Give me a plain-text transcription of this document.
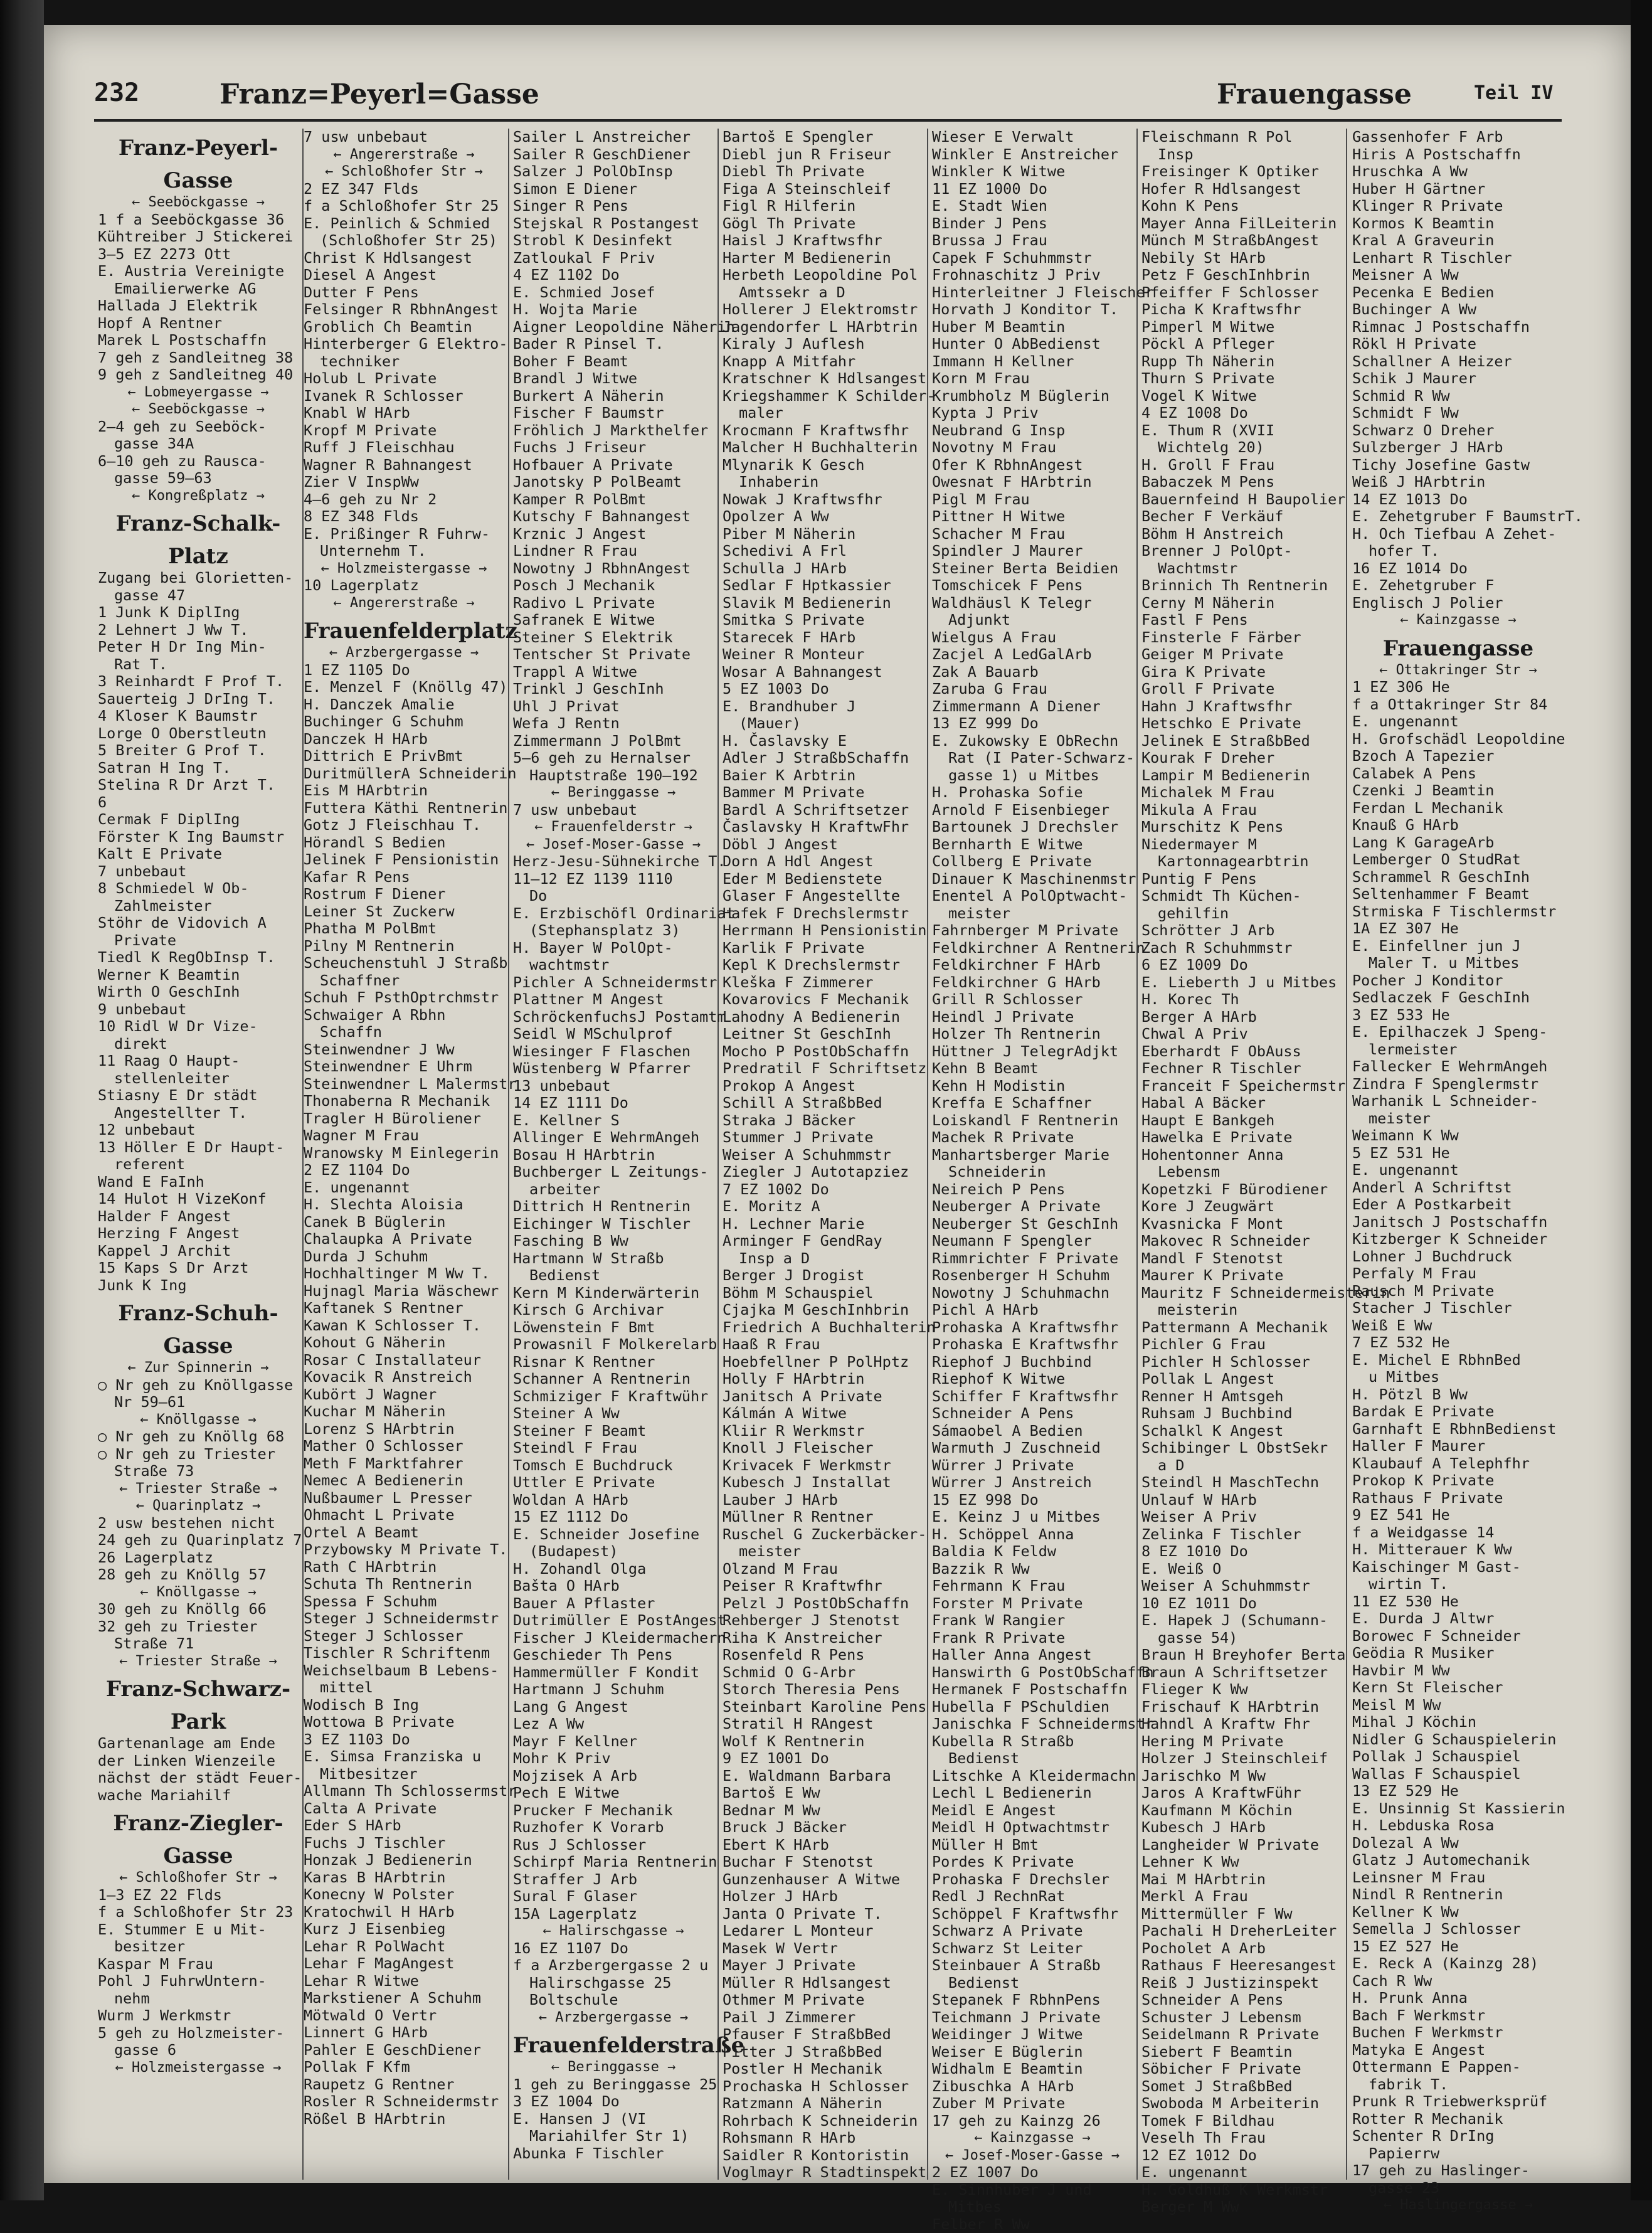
232	Franz=Peyerl=Gasse	Frauengasse	Teil IV
Franz-Peyerl-
Gasse
← Seeböckgasse →
1 f a Seeböckgasse 36
Kühtreiber J Stickerei
3—5 EZ 2273 Ott
E. Austria Vereinigte
Emailierwerke AG
Hallada J Elektrik
Hopf A Rentner
Marek L Postschaffn
7 geh z Sandleitneg 38
9 geh z Sandleitneg 40
← Lobmeyergasse →
← Seeböckgasse →
2—4 geh zu Seeböck-
gasse 34A
6—10 geh zu Rausca-
gasse 59—63
← Kongreßplatz →
Franz-Schalk-
Platz
Zugang bei Glorietten-
gasse 47
1 Junk K DiplIng
2 Lehnert J Ww T.
Peter H Dr Ing Min-
Rat T.
3 Reinhardt F Prof T.
Sauerteig J DrIng T.
4 Kloser K Baumstr
Lorge O Oberstleutn
5 Breiter G Prof T.
Satran H Ing T.
Stelina R Dr Arzt T.
6
Cermak F DiplIng
Förster K Ing Baumstr
Kalt E Private
7 unbebaut
8 Schmiedel W Ob-
Zahlmeister
Stöhr de Vidovich A
Private
Tiedl K RegObInsp T.
Werner K Beamtin
Wirth O GeschInh
9 unbebaut
10 Ridl W Dr Vize-
direkt
11 Raag O Haupt-
stellenleiter
Stiasny E Dr städt
Angestellter T.
12 unbebaut
13 Höller E Dr Haupt-
referent
Wand E FaInh
14 Hulot H VizeKonf
Halder F Angest
Herzing F Angest
Kappel J Archit
15 Kaps S Dr Arzt
Junk K Ing
Franz-Schuh-
Gasse
← Zur Spinnerin →
○ Nr geh zu Knöllgasse
Nr 59—61
← Knöllgasse →
○ Nr geh zu Knöllg 68
○ Nr geh zu Triester
Straße 73
← Triester Straße →
← Quarinplatz →
2 usw bestehen nicht
24 geh zu Quarinplatz 7
26 Lagerplatz
28 geh zu Knöllg 57
← Knöllgasse →
30 geh zu Knöllg 66
32 geh zu Triester
Straße 71
← Triester Straße →
Franz-Schwarz-
Park
Gartenanlage am Ende
der Linken Wienzeile
nächst der städt Feuer-
wache Mariahilf
Franz-Ziegler-
Gasse
← Schloßhofer Str →
1—3 EZ 22 Flds
f a Schloßhofer Str 23
E. Stummer E u Mit-
besitzer
Kaspar M Frau
Pohl J FuhrwUntern-
nehm
Wurm J Werkmstr
5 geh zu Holzmeister-
gasse 6
← Holzmeistergasse →
7 usw unbebaut
← Angererstraße →
← Schloßhofer Str →
2 EZ 347 Flds
f a Schloßhofer Str 25
E. Peinlich & Schmied
(Schloßhofer Str 25)
Christ K Hdlsangest
Diesel A Angest
Dutter F Pens
Felsinger R RbhnAngest
Groblich Ch Beamtin
Hinterberger G Elektro-
techniker
Holub L Private
Ivanek R Schlosser
Knabl W HArb
Kropf M Private
Ruff J Fleischhau
Wagner R Bahnangest
Zier V InspWw
4—6 geh zu Nr 2
8 EZ 348 Flds
E. Prißinger R Fuhrw-
Unternehm T.
← Holzmeistergasse →
10 Lagerplatz
← Angererstraße →
Frauenfelderplatz
← Arzbergergasse →
1 EZ 1105 Do
E. Menzel F (Knöllg 47)
H. Danczek Amalie
Buchinger G Schuhm
Danczek H HArb
Dittrich E PrivBmt
DuritmüllerA Schneiderin
Eis M HArbtrin
Futtera Käthi Rentnerin
Gotz J Fleischhau T.
Hörandl S Bedien
Jelinek F Pensionistin
Kafar R Pens
Rostrum F Diener
Leiner St Zuckerw
Phatha M PolBmt
Pilny M Rentnerin
Scheuchenstuhl J Straßb
Schaffner
Schuh F PsthOptrchmstr
Schwaiger A Rbhn
Schaffn
Steinwendner J Ww
Steinwendner E Uhrm
Steinwendner L Malermstr
Thonaberna R Mechanik
Tragler H Büroliener
Wagner M Frau
Wranowsky M Einlegerin
2 EZ 1104 Do
E. ungenannt
H. Slechta Aloisia
Canek B Büglerin
Chalaupka A Private
Durda J Schuhm
Hochhaltinger M Ww T.
Hujnagl Maria Wäschewr
Kaftanek S Rentner
Kawan K Schlosser T.
Kohout G Näherin
Rosar C Installateur
Kovacik R Anstreich
Kubört J Wagner
Kuchar M Näherin
Lorenz S HArbtrin
Mather O Schlosser
Meth F Marktfahrer
Nemec A Bedienerin
Nußbaumer L Presser
Ohmacht L Private
Ortel A Beamt
Przybowsky M Private T.
Rath C HArbtrin
Schuta Th Rentnerin
Spessa F Schuhm
Steger J Schneidermstr
Steger J Schlosser
Tischler R Schriftenm
Weichselbaum B Lebens-
mittel
Wodisch B Ing
Wottowa B Private
3 EZ 1103 Do
E. Simsa Franziska u
Mitbesitzer
Allmann Th Schlossermstr
Calta A Private
Eder S HArb
Fuchs J Tischler
Honzak J Bedienerin
Karas B HArbtrin
Konecny W Polster
Kratochwil H HArb
Kurz J Eisenbieg
Lehar R PolWacht
Lehar F MagAngest
Lehar R Witwe
Markstiener A Schuhm
Mötwald O Vertr
Linnert G HArb
Pahler E GeschDiener
Pollak F Kfm
Raupetz G Rentner
Rosler R Schneidermstr
Rößel B HArbtrin
Sailer L Anstreicher
Sailer R GeschDiener
Salzer J PolObInsp
Simon E Diener
Singer R Pens
Stejskal R Postangest
Strobl K Desinfekt
Zatloukal F Priv
4 EZ 1102 Do
E. Schmied Josef
H. Wojta Marie
Aigner Leopoldine Näherin
Bader R Pinsel T.
Boher F Beamt
Brandl J Witwe
Burkert A Näherin
Fischer F Baumstr
Fröhlich J Markthelfer
Fuchs J Friseur
Hofbauer A Private
Janotsky P PolBeamt
Kamper R PolBmt
Kutschy F Bahnangest
Krznic J Angest
Lindner R Frau
Nowotny J RbhnAngest
Posch J Mechanik
Radivo L Private
Safranek E Witwe
Steiner S Elektrik
Tentscher St Private
Trappl A Witwe
Trinkl J GeschInh
Uhl J Privat
Wefa J Rentn
Zimmermann J PolBmt
5—6 geh zu Hernalser
Hauptstraße 190—192
← Beringgasse →
7 usw unbebaut
← Frauenfelderstr →
← Josef-Moser-Gasse →
Herz-Jesu-Sühnekirche T.
11—12 EZ 1139 1110
Do
E. Erzbischöfl Ordinariat
(Stephansplatz 3)
H. Bayer W PolOpt-
wachtmstr
Pichler A Schneidermstr
Plattner M Angest
SchröckenfuchsJ Postamtm
Seidl W MSchulprof
Wiesinger F Flaschen
Wüstenberg W Pfarrer
13 unbebaut
14 EZ 1111 Do
E. Kellner S
Allinger E WehrmAngeh
Bosau H HArbtrin
Buchberger L Zeitungs-
arbeiter
Dittrich H Rentnerin
Eichinger W Tischler
Fasching B Ww
Hartmann W Straßb
Bedienst
Kern M Kinderwärterin
Kirsch G Archivar
Löwenstein F Bmt
Prowasnil F Molkerelarb
Risnar K Rentner
Schanner A Rentnerin
Schmiziger F Kraftwühr
Steiner A Ww
Steiner F Beamt
Steindl F Frau
Tomsch E Buchdruck
Uttler E Private
Woldan A HArb
15 EZ 1112 Do
E. Schneider Josefine
(Budapest)
H. Zohandl Olga
Bašta O HArb
Bauer A Pflaster
Dutrimüller E PostAngest
Fischer J Kleidermachern
Geschieder Th Pens
Hammermüller F Kondit
Hartmann J Schuhm
Lang G Angest
Lez A Ww
Mayr F Kellner
Mohr K Priv
Mojzisek A Arb
Pech E Witwe
Prucker F Mechanik
Ruzhofer K Vorarb
Rus J Schlosser
Schirpf Maria Rentnerin
Straffer J Arb
Sural F Glaser
15A Lagerplatz
← Halirschgasse →
16 EZ 1107 Do
f a Arzbergergasse 2 u
Halirschgasse 25
Boltschule
← Arzbergergasse →
Frauenfelderstraße
← Beringgasse →
1 geh zu Beringgasse 25
3 EZ 1004 Do
E. Hansen J (VI
Mariahilfer Str 1)
Abunka F Tischler
Bartoš E Spengler
Diebl jun R Friseur
Diebl Th Private
Figa A Steinschleif
Figl R Hilferin
Gögl Th Private
Haisl J Kraftwsfhr
Harter M Bedienerin
Herbeth Leopoldine Pol
Amtssekr a D
Hollerer J Elektromstr
Jagendorfer L HArbtrin
Kiraly J Auflesh
Knapp A Mitfahr
Kratschner K Hdlsangest
Kriegshammer K Schilder-
maler
Krocmann F Kraftwsfhr
Malcher H Buchhalterin
Mlynarik K Gesch
Inhaberin
Nowak J Kraftwsfhr
Opolzer A Ww
Piber M Näherin
Schedivi A Frl
Schulla J HArb
Sedlar F Hptkassier
Slavik M Bedienerin
Smitka S Private
Starecek F HArb
Weiner R Monteur
Wosar A Bahnangest
5 EZ 1003 Do
E. Brandhuber J
(Mauer)
H. Časlavsky E
Adler J StraßbSchaffn
Baier K Arbtrin
Bammer M Private
Bardl A Schriftsetzer
Časlavsky H KraftwFhr
Döbl J Angest
Dorn A Hdl Angest
Eder M Bedienstete
Glaser F Angestellte
Hafek F Drechslermstr
Herrmann H Pensionistin
Karlik F Private
Kepl K Drechslermstr
Kleška F Zimmerer
Kovarovics F Mechanik
Lahodny A Bedienerin
Leitner St GeschInh
Mocho P PostObSchaffn
Predratil F Schriftsetz
Prokop A Angest
Schill A StraßbBed
Straka J Bäcker
Stummer J Private
Weiser A Schuhmmstr
Ziegler J Autotapziez
7 EZ 1002 Do
E. Moritz A
H. Lechner Marie
Arminger F GendRay
Insp a D
Berger J Drogist
Böhm M Schauspiel
Cjajka M GeschInhbrin
Friedrich A Buchhalterin
Haaß R Frau
Hoebfellner P PolHptz
Holly F HArbtrin
Janitsch A Private
Kálmán A Witwe
Kliir R Werkmstr
Knoll J Fleischer
Krivacek F Werkmstr
Kubesch J Installat
Lauber J HArb
Müllner R Rentner
Ruschel G Zuckerbäcker-
meister
Olzand M Frau
Peiser R Kraftwfhr
Pelzl J PostObSchaffn
Rehberger J Stenotst
Riha K Anstreicher
Rosenfeld R Pens
Schmid O G-Arbr
Storch Theresia Pens
Steinbart Karoline Pens
Stratil H RAngest
Wolf K Rentnerin
9 EZ 1001 Do
E. Waldmann Barbara
Bartoš E Ww
Bednar M Ww
Bruck J Bäcker
Ebert K HArb
Buchar F Stenotst
Gunzenhauser A Witwe
Holzer J HArb
Janta O Private T.
Ledarer L Monteur
Masek W Vertr
Mayer J Private
Müller R Hdlsangest
Othmer M Private
Pail J Zimmerer
Pfauser F StraßbBed
Pitter J StraßbBed
Postler H Mechanik
Prochaska H Schlosser
Ratzmann A Näherin
Rohrbach K Schneiderin
Rohsmann R HArb
Saidler R Kontoristin
Voglmayr R Stadtinspekt
Wieser E Verwalt
Winkler E Anstreicher
Winkler K Witwe
11 EZ 1000 Do
E. Stadt Wien
Binder J Pens
Brussa J Frau
Capek F Schuhmmstr
Frohnaschitz J Priv
Hinterleitner J Fleischer
Horvath J Konditor T.
Huber M Beamtin
Hunter O AbBedienst
Immann H Kellner
Korn M Frau
Krumbholz M Büglerin
Kypta J Priv
Neubrand G Insp
Novotny M Frau
Ofer K RbhnAngest
Owesnat F HArbtrin
Pigl M Frau
Pittner H Witwe
Schacher M Frau
Spindler J Maurer
Steiner Berta Beidien
Tomschicek F Pens
Waldhäusl K Telegr
Adjunkt
Wielgus A Frau
Zacjel A LedGalArb
Zak A Bauarb
Zaruba G Frau
Zimmermann A Diener
13 EZ 999 Do
E. Zukowsky E ObRechn
Rat (I Pater-Schwarz-
gasse 1) u Mitbes
H. Prohaska Sofie
Arnold F Eisenbieger
Bartounek J Drechsler
Bernharth E Witwe
Collberg E Private
Dinauer K Maschinenmstr
Enentel A PolOptwacht-
meister
Fahrnberger M Private
Feldkirchner A Rentnerin
Feldkirchner F HArb
Feldkirchner G HArb
Grill R Schlosser
Heindl J Private
Holzer Th Rentnerin
Hüttner J TelegrAdjkt
Kehn B Beamt
Kehn H Modistin
Kreffa E Schaffner
Loiskandl F Rentnerin
Machek R Private
Manhartsberger Marie
Schneiderin
Neireich P Pens
Neuberger A Private
Neuberger St GeschInh
Neumann F Spengler
Rimmrichter F Private
Rosenberger H Schuhm
Nowotny J Schuhmachn
Pichl A HArb
Prohaska A Kraftwsfhr
Prohaska E Kraftwsfhr
Riephof J Buchbind
Riephof K Witwe
Schiffer F Kraftwsfhr
Schneider A Pens
Sámaobel A Bedien
Warmuth J Zuschneid
Würrer J Private
Würrer J Anstreich
15 EZ 998 Do
E. Keinz J u Mitbes
H. Schöppel Anna
Baldia K Feldw
Bazzik R Ww
Fehrmann K Frau
Forster M Private
Frank W Rangier
Frank R Private
Haller Anna Angest
Hanswirth G PostObSchaffn
Hermanek F Postschaffn
Hubella F PSchuldien
Janischka F Schneidermstr
Kubella R Straßb
Bedienst
Litschke A Kleidermachn
Lechl L Bedienerin
Meidl E Angest
Meidl H Optwachtmstr
Müller H Bmt
Pordes K Private
Prohaska F Drechsler
Redl J RechnRat
Schöppel F Kraftwsfhr
Schwarz A Private
Schwarz St Leiter
Steinbauer A Straßb
Bedienst
Stepanek F RbhnPens
Teichmann J Private
Weidinger J Witwe
Weiser E Büglerin
Widhalm E Beamtin
Zibuschka A HArb
Zuber M Private
17 geh zu Kainzg 26
← Kainzgasse →
← Josef-Moser-Gasse →
2 EZ 1007 Do
E. Sinnhuber J und
Mitbes
Felber R Ww
Fleischmann R Pol
Insp
Freisinger K Optiker
Hofer R Hdlsangest
Kohn K Pens
Mayer Anna FilLeiterin
Münch M StraßbAngest
Nebily St HArb
Petz F GeschInhbrin
Pfeiffer F Schlosser
Picha K Kraftwsfhr
Pimperl M Witwe
Pöckl A Pfleger
Rupp Th Näherin
Thurn S Private
Vogel K Witwe
4 EZ 1008 Do
E. Thum R (XVII
Wichtelg 20)
H. Groll F Frau
Babaczek M Pens
Bauernfeind H Baupolier
Becher F Verkäuf
Böhm H Anstreich
Brenner J PolOpt-
Wachtmstr
Brinnich Th Rentnerin
Cerny M Näherin
Fastl F Pens
Finsterle F Färber
Geiger M Private
Gira K Private
Groll F Private
Hahn J Kraftwsfhr
Hetschko E Private
Jelinek E StraßbBed
Kourak F Dreher
Lampir M Bedienerin
Michalek M Frau
Mikula A Frau
Murschitz K Pens
Niedermayer M
Kartonnagearbtrin
Puntig F Pens
Schmidt Th Küchen-
gehilfin
Schrötter J Arb
Zach R Schuhmmstr
6 EZ 1009 Do
E. Lieberth J u Mitbes
H. Korec Th
Berger A HArb
Chwal A Priv
Eberhardt F ObAuss
Fechner R Tischler
Franceit F Speichermstr
Habal A Bäcker
Haupt E Bankgeh
Hawelka E Private
Hohentonner Anna
Lebensm
Kopetzki F Bürodiener
Kore J Zeugwärt
Kvasnicka F Mont
Makovec R Schneider
Mandl F Stenotst
Maurer K Private
Mauritz F Schneidermeisterin
meisterin
Pattermann A Mechanik
Pichler G Frau
Pichler H Schlosser
Pollak L Angest
Renner H Amtsgeh
Ruhsam J Buchbind
Schalkl K Angest
Schibinger L ObstSekr
a D
Steindl H MaschTechn
Unlauf W HArb
Weiser A Priv
Zelinka F Tischler
8 EZ 1010 Do
E. Weiß O
Weiser A Schuhmmstr
10 EZ 1011 Do
E. Hapek J (Schumann-
gasse 54)
Braun H Breyhofer Berta
Braun A Schriftsetzer
Flieger K Ww
Frischauf K HArbtrin
Hahndl A Kraftw Fhr
Hering M Private
Holzer J Steinschleif
Jarischko M Ww
Jaros A KraftwFühr
Kaufmann M Köchin
Kubesch J HArb
Langheider W Private
Lehner K Ww
Mai M HArbtrin
Merkl A Frau
Mittermüller F Ww
Pachali H DreherLeiter
Pocholet A Arb
Rathaus F Heeresangest
Reiß J Justizinspekt
Schneider A Pens
Schuster J Lebensm
Seidelmann R Private
Siebert F Beamtin
Söbicher F Private
Somet J StraßbBed
Swoboda M Arbeiterin
Tomek F Bildhau
Veselh Th Frau
12 EZ 1012 Do
E. ungenannt
H. Goldhuß K Werkmstr
Berger M Ww
Gassenhofer F Arb
Hiris A Postschaffn
Hruschka A Ww
Huber H Gärtner
Klinger R Private
Kormos K Beamtin
Kral A Graveurin
Lenhart R Tischler
Meisner A Ww
Pecenka E Bedien
Buchinger A Ww
Rimnac J Postschaffn
Rökl H Private
Schallner A Heizer
Schik J Maurer
Schmid R Ww
Schmidt F Ww
Schwarz O Dreher
Sulzberger J HArb
Tichy Josefine Gastw
Weiß J HArbtrin
14 EZ 1013 Do
E. Zehetgruber F BaumstrT.
H. Och Tiefbau A Zehet-
hofer T.
16 EZ 1014 Do
E. Zehetgruber F
Englisch J Polier
← Kainzgasse →
Frauengasse
← Ottakringer Str →
1 EZ 306 He
f a Ottakringer Str 84
E. ungenannt
H. Grofschädl Leopoldine
Bzoch A Tapezier
Calabek A Pens
Czenki J Beamtin
Ferdan L Mechanik
Knauß G HArb
Lang K GarageArb
Lemberger O StudRat
Schrammel R GeschInh
Seltenhammer F Beamt
Strmiska F Tischlermstr
1A EZ 307 He
E. Einfellner jun J
Maler T. u Mitbes
Pocher J Konditor
Sedlaczek F GeschInh
3 EZ 533 He
E. Epilhaczek J Speng-
lermeister
Fallecker E WehrmAngeh
Zindra F Spenglermstr
Warhanik L Schneider-
meister
Weimann K Ww
5 EZ 531 He
E. ungenannt
Anderl A Schriftst
Eder A Postkarbeit
Janitsch J Postschaffn
Kitzberger K Schneider
Lohner J Buchdruck
Perfaly M Frau
Rausch M Private
Stacher J Tischler
Weiß E Ww
7 EZ 532 He
E. Michel E RbhnBed
u Mitbes
H. Pötzl B Ww
Bardak E Private
Garnhaft E RbhnBedienst
Haller F Maurer
Klaubauf A Telephfhr
Prokop K Private
Rathaus F Private
9 EZ 541 He
f a Weidgasse 14
H. Mitterauer K Ww
Kaischinger M Gast-
wirtin T.
11 EZ 530 He
E. Durda J Altwr
Borowec F Schneider
Geödia R Musiker
Havbir M Ww
Kern St Fleischer
Meisl M Ww
Mihal J Köchin
Nidler G Schauspielerin
Pollak J Schauspiel
Wallas F Schauspiel
13 EZ 529 He
E. Unsinnig St Kassierin
H. Lebduska Rosa
Dolezal A Ww
Glatz J Automechanik
Leinsner M Frau
Nindl R Rentnerin
Kellner K Ww
Semella J Schlosser
15 EZ 527 He
E. Reck A (Kainzg 28)
Cach R Ww
H. Prunk Anna
Bach F Werkmstr
Buchen F Werkmstr
Matyka E Angest
Ottermann E Pappen-
fabrik T.
Prunk R Triebwerksprüf
Rotter R Mechanik
Schenter R DrIng
Papierrw
17 geh zu Haslinger-
gasse 23
← Haslingergasse →
